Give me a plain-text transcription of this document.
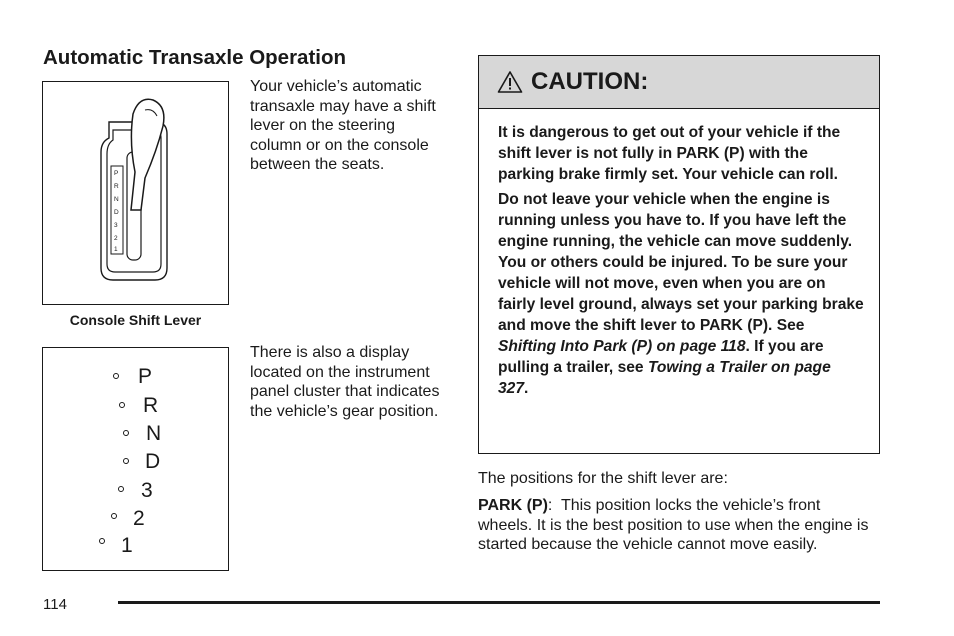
Automatic Transaxle Operation
P
R
N
D
3
2
1
Console Shift Lever
Your vehicle’s automatic transaxle may have a shift lever on the steering column or on the console between the seats.
P
R
N
D
3
2
1
There is also a display located on the instrument panel cluster that indicates the vehicle’s gear position.
CAUTION:

It is dangerous to get out of your vehicle if the shift lever is not fully in PARK (P) with the parking brake firmly set. Your vehicle can roll.

Do not leave your vehicle when the engine is running unless you have to. If you have left the engine running, the vehicle can move suddenly. You or others could be injured. To be sure your vehicle will not move, even when you are on fairly level ground, always set your parking brake and move the shift lever to PARK (P). See Shifting Into Park (P) on page 118. If you are pulling a trailer, see Towing a Trailer on page 327.

The positions for the shift lever are:
PARK (P):  This position locks the vehicle’s front wheels. It is the best position to use when the engine is started because the vehicle cannot move easily.
114
